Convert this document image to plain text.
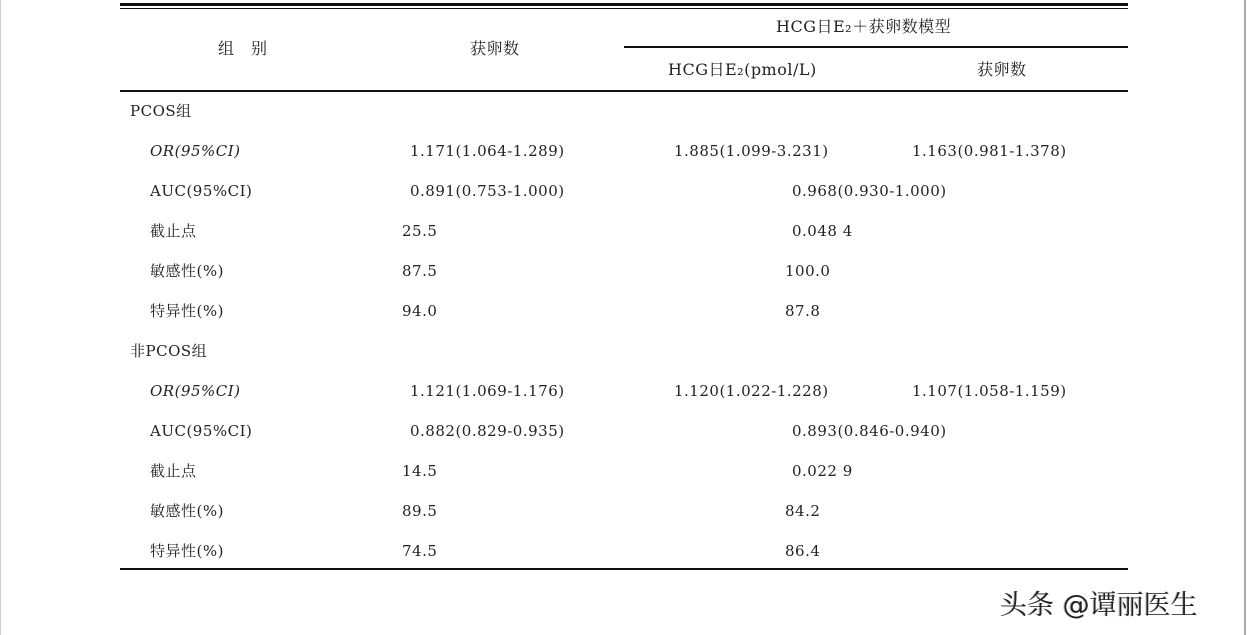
组　别	获卵数
HCG日E₂＋获卵数模型
HCG日E₂(pmol/L)	获卵数
PCOS组
OR(95%CI)	1.171(1.064-1.289)	1.885(1.099-3.231)	1.163(0.981-1.378)
AUC(95%CI)	0.891(0.753-1.000)	0.968(0.930-1.000)
截止点	25.5	0.048 4
敏感性(%)	87.5	100.0
特异性(%)	94.0	87.8
非PCOS组
OR(95%CI)	1.121(1.069-1.176)	1.120(1.022-1.228)	1.107(1.058-1.159)
AUC(95%CI)	0.882(0.829-0.935)	0.893(0.846-0.940)
截止点	14.5	0.022 9
敏感性(%)	89.5	84.2
特异性(%)	74.5	86.4
头条 @谭丽医生
